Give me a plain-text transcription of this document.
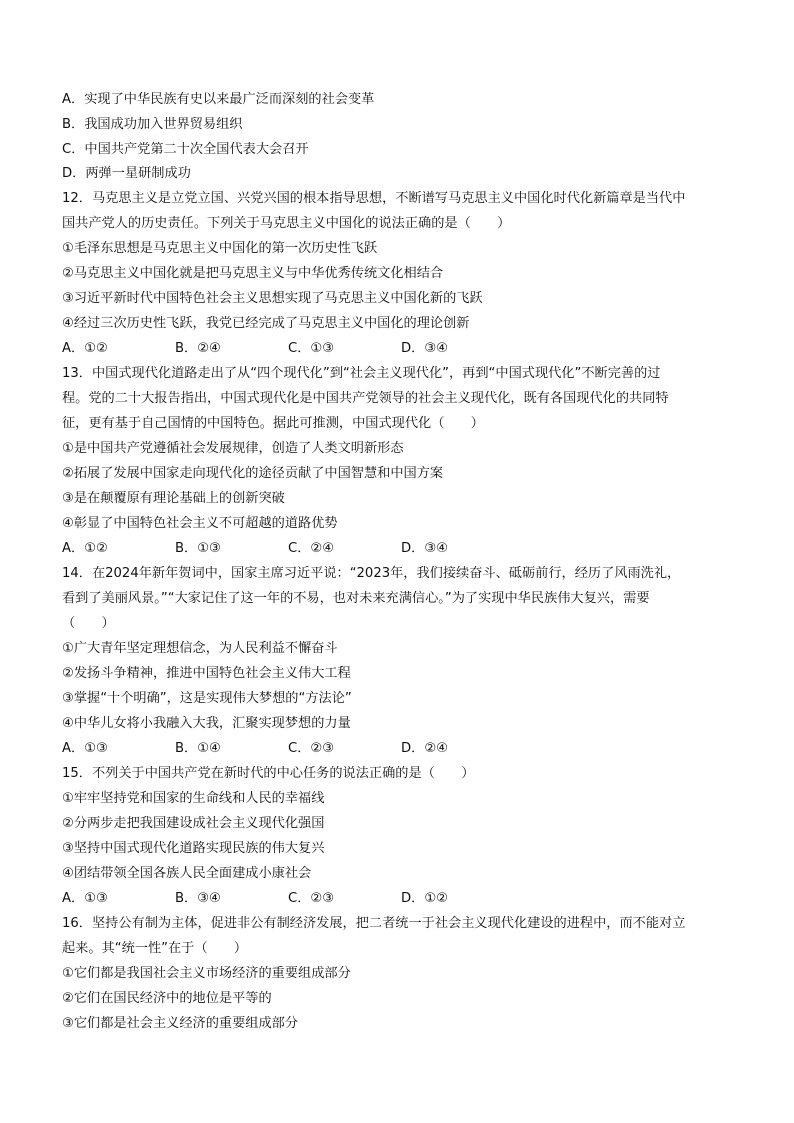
A．实现了中华民族有史以来最广泛而深刻的社会变革
B．我国成功加入世界贸易组织
C．中国共产党第二十次全国代表大会召开
D．两弹一星研制成功
12．马克思主义是立党立国、兴党兴国的根本指导思想，不断谱写马克思主义中国化时代化新篇章是当代中
国共产党人的历史责任。下列关于马克思主义中国化的说法正确的是（　　）
①毛泽东思想是马克思主义中国化的第一次历史性飞跃
②马克思主义中国化就是把马克思主义与中华优秀传统文化相结合
③习近平新时代中国特色社会主义思想实现了马克思主义中国化新的飞跃
④经过三次历史性飞跃，我党已经完成了马克思主义中国化的理论创新
A．①②	B．②④	C．①③	D．③④
13．中国式现代化道路走出了从“四个现代化”到“社会主义现代化”，再到“中国式现代化”不断完善的过
程。党的二十大报告指出，中国式现代化是中国共产党领导的社会主义现代化，既有各国现代化的共同特
征，更有基于自己国情的中国特色。据此可推测，中国式现代化（　　）
①是中国共产党遵循社会发展规律，创造了人类文明新形态
②拓展了发展中国家走向现代化的途径贡献了中国智慧和中国方案
③是在颠覆原有理论基础上的创新突破
④彰显了中国特色社会主义不可超越的道路优势
A．①②	B．①③	C．②④	D．③④
14．在2024年新年贺词中，国家主席习近平说：“2023年，我们接续奋斗、砥砺前行，经历了风雨洗礼，
看到了美丽风景。”“大家记住了这一年的不易，也对未来充满信心。”为了实现中华民族伟大复兴，需要
（　　）
①广大青年坚定理想信念，为人民利益不懈奋斗
②发扬斗争精神，推进中国特色社会主义伟大工程
③掌握“十个明确”，这是实现伟大梦想的“方法论”
④中华儿女将小我融入大我，汇聚实现梦想的力量
A．①③	B．①④	C．②③	D．②④
15．不列关于中国共产党在新时代的中心任务的说法正确的是（　　）
①牢牢坚持党和国家的生命线和人民的幸福线
②分两步走把我国建设成社会主义现代化强国
③坚持中国式现代化道路实现民族的伟大复兴
④团结带领全国各族人民全面建成小康社会
A．①③	B．③④	C．②③	D．①②
16．坚持公有制为主体，促进非公有制经济发展，把二者统一于社会主义现代化建设的进程中，而不能对立
起来。其“统一性”在于（　　）
①它们都是我国社会主义市场经济的重要组成部分
②它们在国民经济中的地位是平等的
③它们都是社会主义经济的重要组成部分
